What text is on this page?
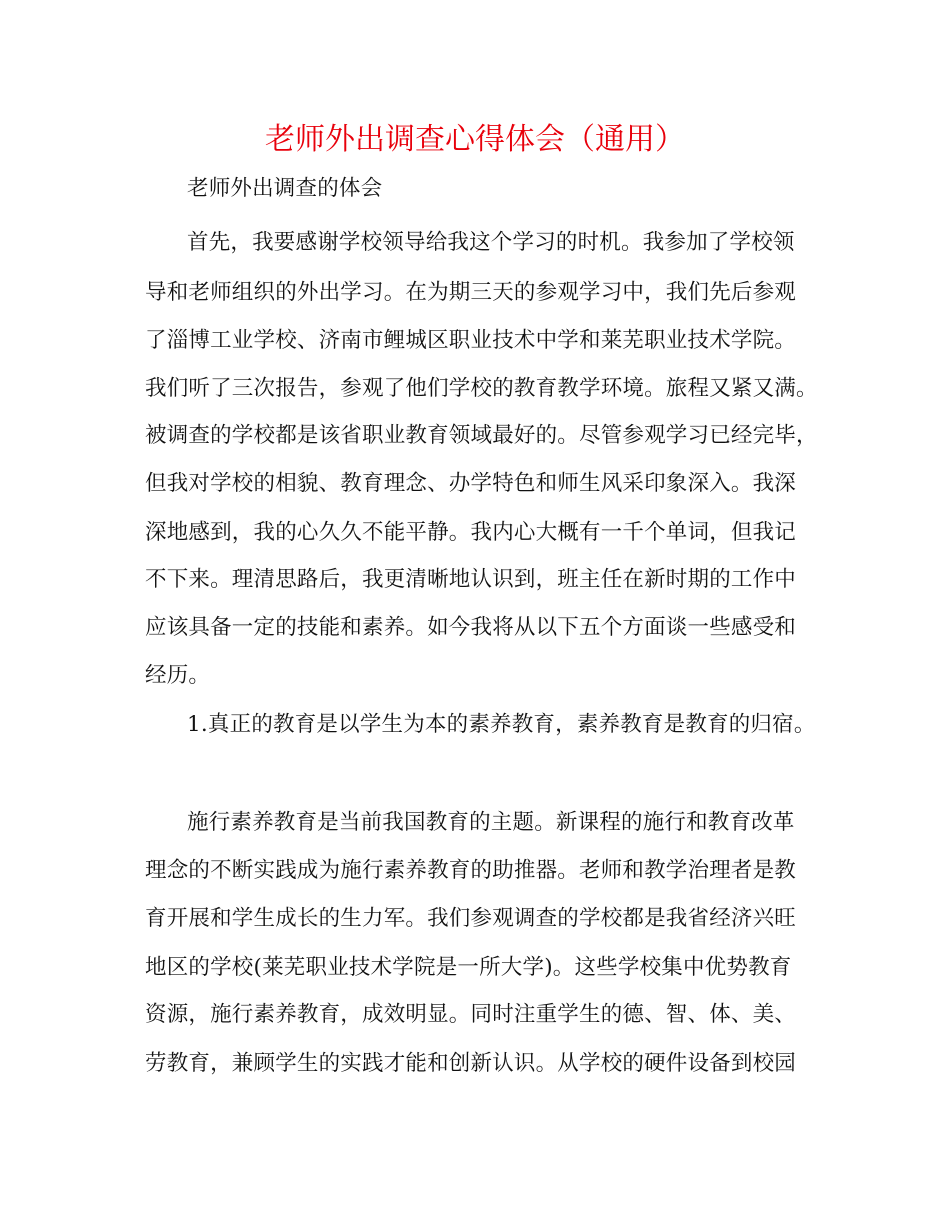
老师外出调查心得体会（通用）

老师外出调查的体会

首先，我要感谢学校领导给我这个学习的时机。我参加了学校领

导和老师组织的外出学习。在为期三天的参观学习中，我们先后参观

了淄博工业学校、济南市鲤城区职业技术中学和莱芜职业技术学院。

我们听了三次报告，参观了他们学校的教育教学环境。旅程又紧又满。

被调查的学校都是该省职业教育领域最好的。尽管参观学习已经完毕，

但我对学校的相貌、教育理念、办学特色和师生风采印象深入。我深

深地感到，我的心久久不能平静。我内心大概有一千个单词，但我记

不下来。理清思路后，我更清晰地认识到，班主任在新时期的工作中

应该具备一定的技能和素养。如今我将从以下五个方面谈一些感受和

经历。

1.真正的教育是以学生为本的素养教育，素养教育是教育的归宿。

施行素养教育是当前我国教育的主题。新课程的施行和教育改革

理念的不断实践成为施行素养教育的助推器。老师和教学治理者是教

育开展和学生成长的生力军。我们参观调查的学校都是我省经济兴旺

地区的学校(莱芜职业技术学院是一所大学)。这些学校集中优势教育

资源，施行素养教育，成效明显。同时注重学生的德、智、体、美、

劳教育，兼顾学生的实践才能和创新认识。从学校的硬件设备到校园
